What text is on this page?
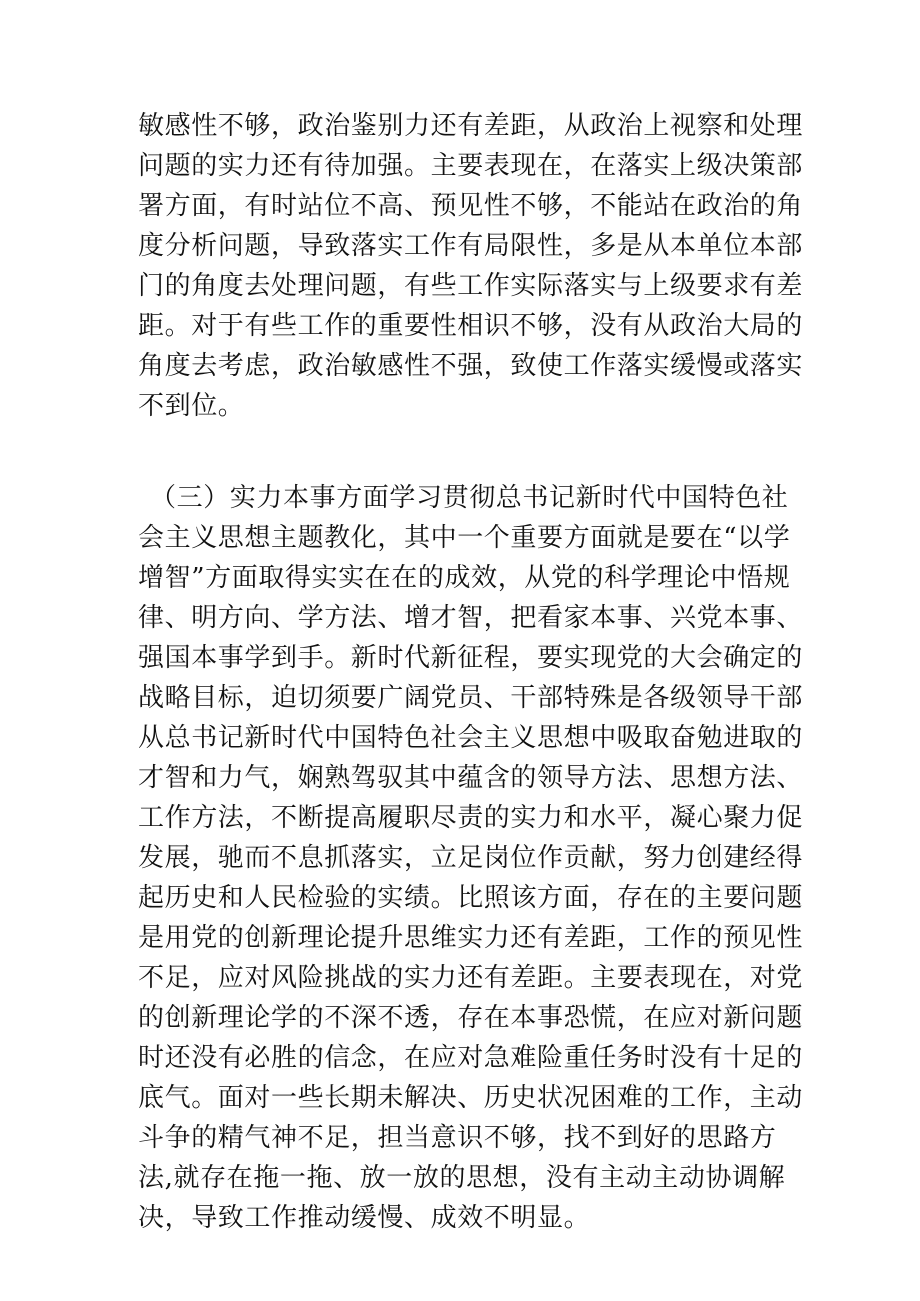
敏感性不够，政治鉴别力还有差距，从政治上视察和处理
问题的实力还有待加强。主要表现在，在落实上级决策部
署方面，有时站位不高、预见性不够，不能站在政治的角
度分析问题，导致落实工作有局限性，多是从本单位本部
门的角度去处理问题，有些工作实际落实与上级要求有差
距。对于有些工作的重要性相识不够，没有从政治大局的
角度去考虑，政治敏感性不强，致使工作落实缓慢或落实
不到位。
（三）实力本事方面学习贯彻总书记新时代中国特色社
会主义思想主题教化，其中一个重要方面就是要在“以学
增智”方面取得实实在在的成效，从党的科学理论中悟规
律、明方向、学方法、增才智，把看家本事、兴党本事、
强国本事学到手。新时代新征程，要实现党的大会确定的
战略目标，迫切须要广阔党员、干部特殊是各级领导干部
从总书记新时代中国特色社会主义思想中吸取奋勉进取的
才智和力气，娴熟驾驭其中蕴含的领导方法、思想方法、
工作方法，不断提高履职尽责的实力和水平，凝心聚力促
发展，驰而不息抓落实，立足岗位作贡献，努力创建经得
起历史和人民检验的实绩。比照该方面，存在的主要问题
是用党的创新理论提升思维实力还有差距，工作的预见性
不足，应对风险挑战的实力还有差距。主要表现在，对党
的创新理论学的不深不透，存在本事恐慌，在应对新问题
时还没有必胜的信念，在应对急难险重任务时没有十足的
底气。面对一些长期未解决、历史状况困难的工作，主动
斗争的精气神不足，担当意识不够，找不到好的思路方
法,就存在拖一拖、放一放的思想，没有主动主动协调解
决，导致工作推动缓慢、成效不明显。
